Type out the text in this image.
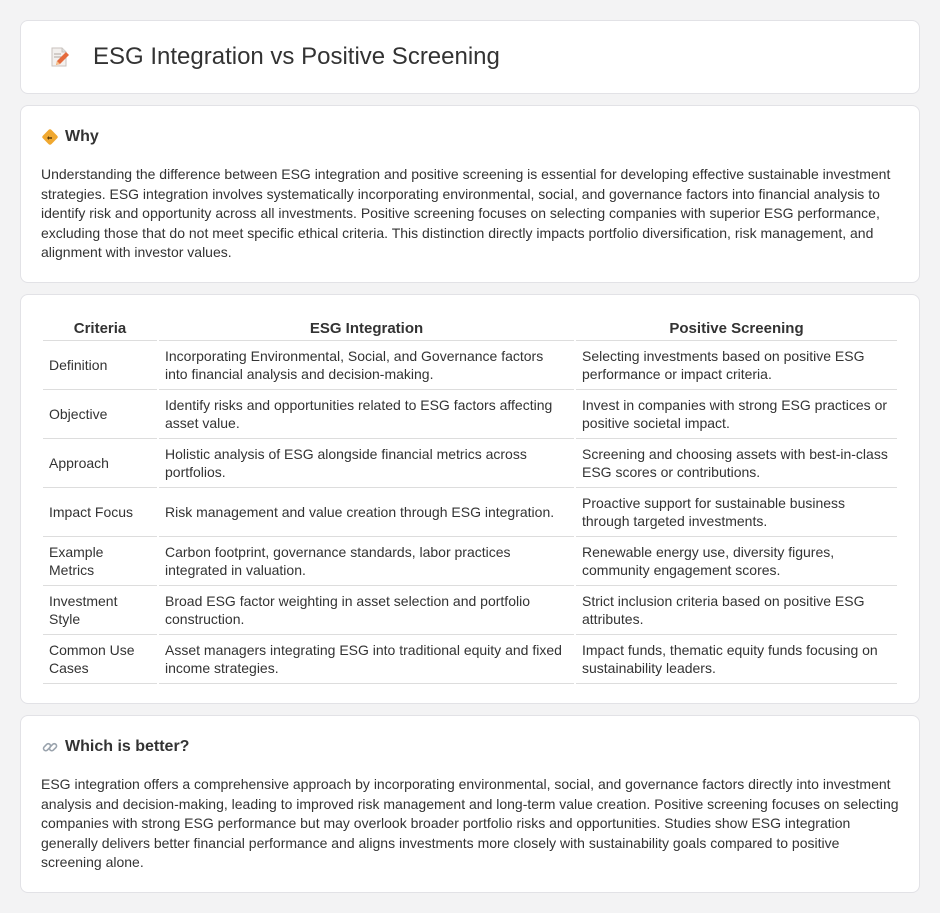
ESG Integration vs Positive Screening
Why

Understanding the difference between ESG integration and positive screening is essential for developing effective sustainable investment strategies. ESG integration involves systematically incorporating environmental, social, and governance factors into financial analysis to identify risk and opportunity across all investments. Positive screening focuses on selecting companies with superior ESG performance, excluding those that do not meet specific ethical criteria. This distinction directly impacts portfolio diversification, risk management, and alignment with investor values.

Criteria	ESG Integration	Positive Screening
Definition	Incorporating Environmental, Social, and Governance factors into financial analysis and decision-making.	Selecting investments based on positive ESG performance or impact criteria.
Objective	Identify risks and opportunities related to ESG factors affecting asset value.	Invest in companies with strong ESG practices or positive societal impact.
Approach	Holistic analysis of ESG alongside financial metrics across portfolios.	Screening and choosing assets with best-in-class ESG scores or contributions.
Impact Focus	Risk management and value creation through ESG integration.	Proactive support for sustainable business through targeted investments.
Example Metrics	Carbon footprint, governance standards, labor practices integrated in valuation.	Renewable energy use, diversity figures, community engagement scores.
Investment Style	Broad ESG factor weighting in asset selection and portfolio construction.	Strict inclusion criteria based on positive ESG attributes.
Common Use Cases	Asset managers integrating ESG into traditional equity and fixed income strategies.	Impact funds, thematic equity funds focusing on sustainability leaders.
Which is better?

ESG integration offers a comprehensive approach by incorporating environmental, social, and governance factors directly into investment analysis and decision-making, leading to improved risk management and long-term value creation. Positive screening focuses on selecting companies with strong ESG performance but may overlook broader portfolio risks and opportunities. Studies show ESG integration generally delivers better financial performance and aligns investments more closely with sustainability goals compared to positive screening alone.
